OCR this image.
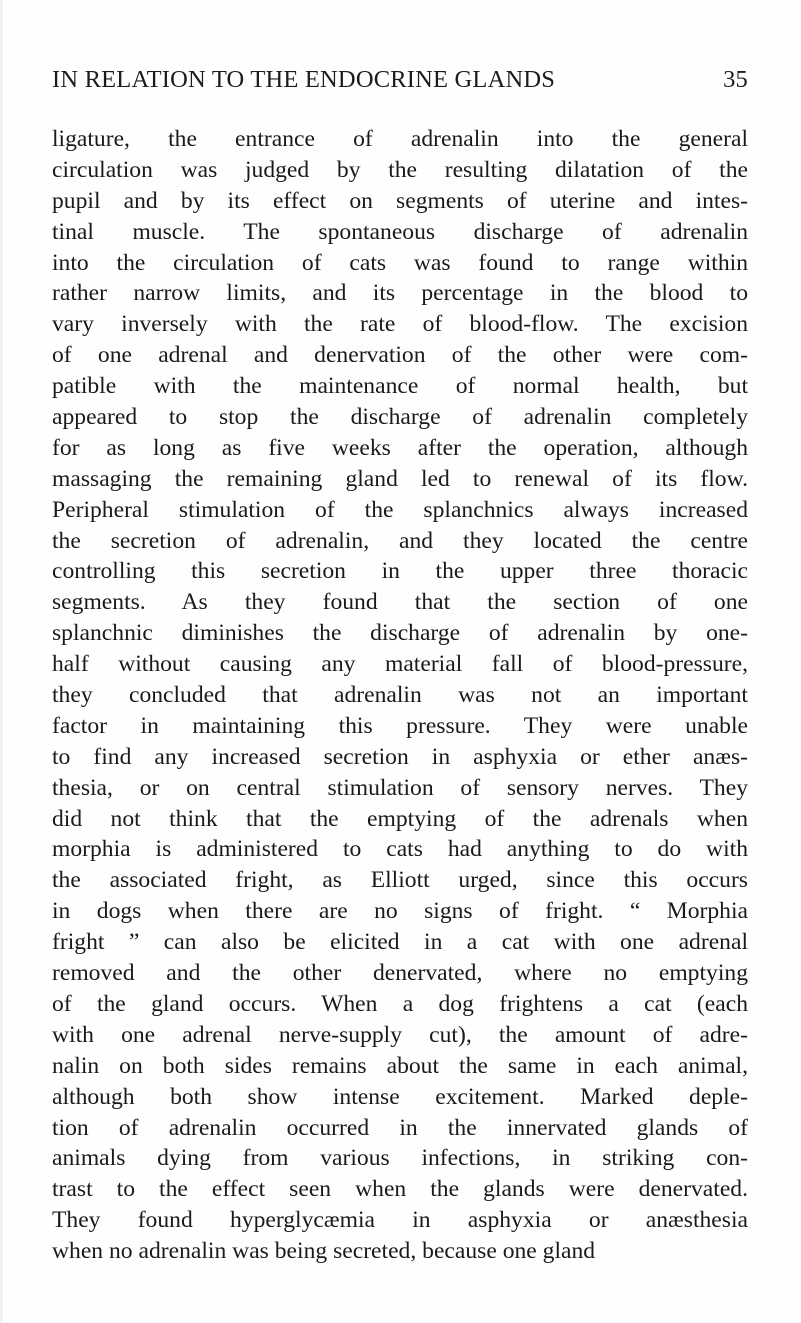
IN RELATION TO THE ENDOCRINE GLANDS	35
ligature, the entrance of adrenalin into the general
circulation was judged by the resulting dilatation of the
pupil and by its effect on segments of uterine and intes-
tinal muscle. The spontaneous discharge of adrenalin
into the circulation of cats was found to range within
rather narrow limits, and its percentage in the blood to
vary inversely with the rate of blood-flow. The excision
of one adrenal and denervation of the other were com-
patible with the maintenance of normal health, but
appeared to stop the discharge of adrenalin completely
for as long as five weeks after the operation, although
massaging the remaining gland led to renewal of its flow.
Peripheral stimulation of the splanchnics always increased
the secretion of adrenalin, and they located the centre
controlling this secretion in the upper three thoracic
segments. As they found that the section of one
splanchnic diminishes the discharge of adrenalin by one-
half without causing any material fall of blood-pressure,
they concluded that adrenalin was not an important
factor in maintaining this pressure. They were unable
to find any increased secretion in asphyxia or ether anæs-
thesia, or on central stimulation of sensory nerves. They
did not think that the emptying of the adrenals when
morphia is administered to cats had anything to do with
the associated fright, as Elliott urged, since this occurs
in dogs when there are no signs of fright. “ Morphia
fright ” can also be elicited in a cat with one adrenal
removed and the other denervated, where no emptying
of the gland occurs. When a dog frightens a cat (each
with one adrenal nerve-supply cut), the amount of adre-
nalin on both sides remains about the same in each animal,
although both show intense excitement. Marked deple-
tion of adrenalin occurred in the innervated glands of
animals dying from various infections, in striking con-
trast to the effect seen when the glands were denervated.
They found hyperglycæmia in asphyxia or anæsthesia
when no adrenalin was being secreted, because one gland
